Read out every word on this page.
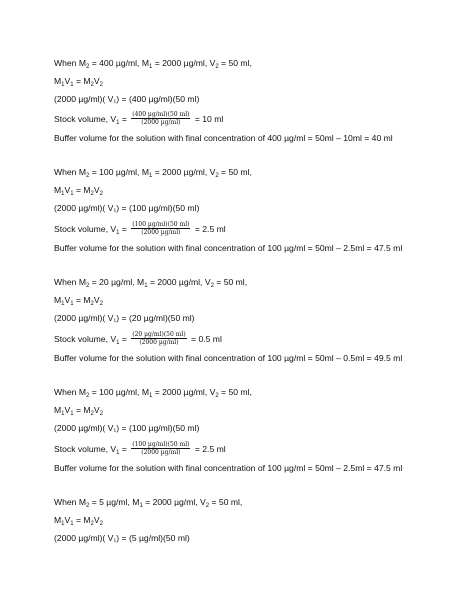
When $M_2 = 400$ µg/ml, $M_1 = 2000$ µg/ml, $V_2 = 50$ ml,
$M_1V_1 = M_2V_2$
(2000 µg/ml)( V₁) = (400 µg/ml)(50 ml)
Stock volume, $V_1 = \frac{\text{(400 µg/ml)(50 ml)}}{\text{(2000 µg/ml)}} = 10$ ml
Buffer volume for the solution with final concentration of 400 µg/ml = 50ml – 10ml = 40 ml
When $M_2 = 100$ µg/ml, $M_1 = 2000$ µg/ml, $V_2 = 50$ ml,
$M_1V_1 = M_2V_2$
(2000 µg/ml)( V₁) = (100 µg/ml)(50 ml)
Stock volume, $V_1 = \frac{\text{(100 µg/ml)(50 ml)}}{\text{(2000 µg/ml)}} = 2.5$ ml
Buffer volume for the solution with final concentration of 100 µg/ml = 50ml – 2.5ml = 47.5 ml
When $M_2 = 20$ µg/ml, $M_1 = 2000$ µg/ml, $V_2 = 50$ ml,
$M_1V_1 = M_2V_2$
(2000 µg/ml)( V₁) = (20 µg/ml)(50 ml)
Stock volume, $V_1 = \frac{\text{(20 µg/ml)(50 ml)}}{\text{(2000 µg/ml)}} = 0.5$ ml
Buffer volume for the solution with final concentration of 100 µg/ml = 50ml – 0.5ml = 49.5 ml
When $M_2 = 100$ µg/ml, $M_1 = 2000$ µg/ml, $V_2 = 50$ ml,
$M_1V_1 = M_2V_2$
(2000 µg/ml)( V₁) = (100 µg/ml)(50 ml)
Stock volume, $V_1 = \frac{\text{(100 µg/ml)(50 ml)}}{\text{(2000 µg/ml)}} = 2.5$ ml
Buffer volume for the solution with final concentration of 100 µg/ml = 50ml – 2.5ml = 47.5 ml
When $M_2 = 5$ µg/ml, $M_1 = 2000$ µg/ml, $V_2 = 50$ ml,
$M_1V_1 = M_2V_2$
(2000 µg/ml)( V₁) = (5 µg/ml)(50 ml)
